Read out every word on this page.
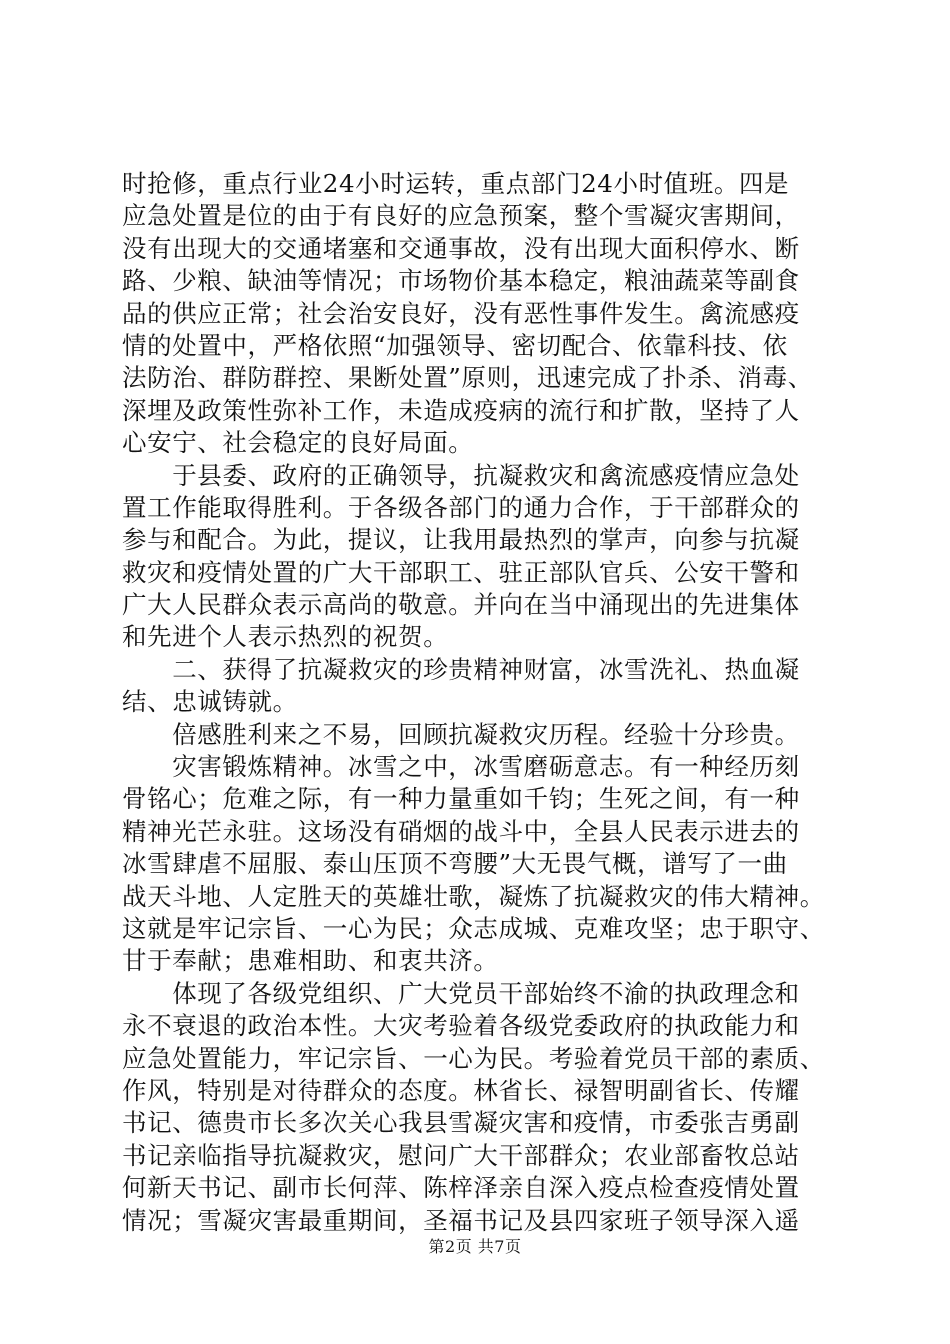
时抢修，重点行业24小时运转，重点部门24小时值班。四是
应急处置是位的由于有良好的应急预案，整个雪凝灾害期间，
没有出现大的交通堵塞和交通事故，没有出现大面积停水、断
路、少粮、缺油等情况；市场物价基本稳定，粮油蔬菜等副食
品的供应正常；社会治安良好，没有恶性事件发生。禽流感疫
情的处置中，严格依照“加强领导、密切配合、依靠科技、依
法防治、群防群控、果断处置”原则，迅速完成了扑杀、消毒、
深埋及政策性弥补工作，未造成疫病的流行和扩散，坚持了人
心安宁、社会稳定的良好局面。
　　于县委、政府的正确领导，抗凝救灾和禽流感疫情应急处
置工作能取得胜利。于各级各部门的通力合作，于干部群众的
参与和配合。为此，提议，让我用最热烈的掌声，向参与抗凝
救灾和疫情处置的广大干部职工、驻正部队官兵、公安干警和
广大人民群众表示高尚的敬意。并向在当中涌现出的先进集体
和先进个人表示热烈的祝贺。
　　二、获得了抗凝救灾的珍贵精神财富，冰雪洗礼、热血凝
结、忠诚铸就。
　　倍感胜利来之不易，回顾抗凝救灾历程。经验十分珍贵。
　　灾害锻炼精神。冰雪之中，冰雪磨砺意志。有一种经历刻
骨铭心；危难之际，有一种力量重如千钧；生死之间，有一种
精神光芒永驻。这场没有硝烟的战斗中，全县人民表示进去的
冰雪肆虐不屈服、泰山压顶不弯腰”大无畏气概，谱写了一曲
战天斗地、人定胜天的英雄壮歌，凝炼了抗凝救灾的伟大精神。
这就是牢记宗旨、一心为民；众志成城、克难攻坚；忠于职守、
甘于奉献；患难相助、和衷共济。
　　体现了各级党组织、广大党员干部始终不渝的执政理念和
永不衰退的政治本性。大灾考验着各级党委政府的执政能力和
应急处置能力，牢记宗旨、一心为民。考验着党员干部的素质、
作风，特别是对待群众的态度。林省长、禄智明副省长、传耀
书记、德贵市长多次关心我县雪凝灾害和疫情，市委张吉勇副
书记亲临指导抗凝救灾，慰问广大干部群众；农业部畜牧总站
何新天书记、副市长何萍、陈梓泽亲自深入疫点检查疫情处置
情况；雪凝灾害最重期间，圣福书记及县四家班子领导深入遥
第2页 共7页
